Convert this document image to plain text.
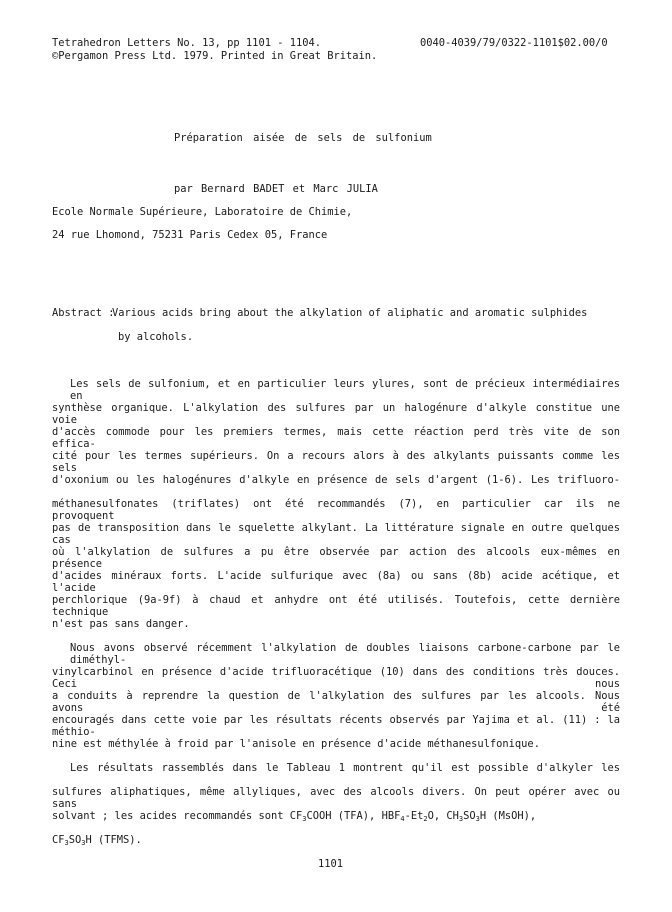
Tetrahedron Letters No. 13, pp 1101 - 1104.
©Pergamon Press Ltd. 1979. Printed in Great Britain.
0040-4039/79/0322-1101$02.00/0
Préparation aisée de sels de sulfonium
par Bernard BADET et Marc JULIA
Ecole Normale Supérieure, Laboratoire de Chimie,
24 rue Lhomond, 75231 Paris Cedex 05, France
Abstract :
Various acids bring about the alkylation of aliphatic and aromatic sulphides
by alcohols.
Les sels de sulfonium, et en particulier leurs ylures, sont de précieux intermédiaires en
synthèse organique. L'alkylation des sulfures par un halogénure d'alkyle constitue une voie
d'accès commode pour les premiers termes, mais cette réaction perd très vite de son effica-
cité pour les termes supérieurs. On a recours alors à des alkylants puissants comme les sels
d'oxonium ou les halogénures d'alkyle en présence de sels d'argent (1-6). Les trifluoro-
méthanesulfonates (triflates) ont été recommandés (7), en particulier car ils ne provoquent
pas de transposition dans le squelette alkylant. La littérature signale en outre quelques cas
où l'alkylation de sulfures a pu être observée par action des alcools eux-mêmes en présence
d'acides minéraux forts. L'acide sulfurique avec (8a) ou sans (8b) acide acétique, et l'acide
perchlorique (9a-9f) à chaud et anhydre ont été utilisés. Toutefois, cette dernière technique
n'est pas sans danger.
Nous avons observé récemment l'alkylation de doubles liaisons carbone-carbone par le diméthyl-
vinylcarbinol en présence d'acide trifluoracétique (10) dans des conditions très douces. Ceci nous
a conduits à reprendre la question de l'alkylation des sulfures par les alcools. Nous avons été
encouragés dans cette voie par les résultats récents observés par Yajima et al. (11) : la méthio-
nine est méthylée à froid par l'anisole en présence d'acide méthanesulfonique.
Les résultats rassemblés dans le Tableau 1 montrent qu'il est possible d'alkyler les
sulfures aliphatiques, même allyliques, avec des alcools divers. On peut opérer avec ou sans
solvant ; les acides recommandés sont $CF_3COOH$ (TFA), $HBF_4-Et_2O$, $CH_3SO_3H$ (MsOH),
$CF_3SO_3H$ (TFMS).
1101
